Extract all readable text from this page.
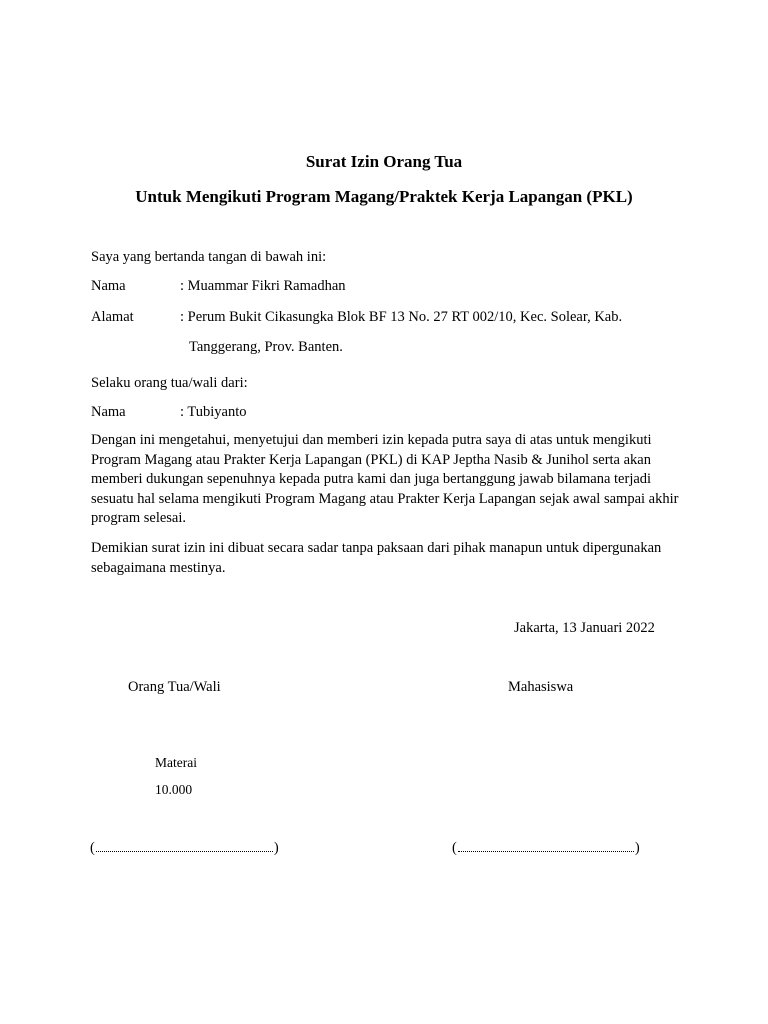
Surat Izin Orang Tua
Untuk Mengikuti Program Magang/Praktek Kerja Lapangan (PKL)
Saya yang bertanda tangan di bawah ini:
Nama	: Muammar Fikri Ramadhan
Alamat	: Perum Bukit Cikasungka Blok BF 13 No. 27 RT 002/10, Kec. Solear, Kab.
Tanggerang, Prov. Banten.
Selaku orang tua/wali dari:
Nama	: Tubiyanto
Dengan ini mengetahui, menyetujui dan memberi izin kepada putra saya di atas untuk mengikuti Program Magang atau Prakter Kerja Lapangan (PKL) di KAP Jeptha Nasib & Junihol serta akan memberi dukungan sepenuhnya kepada putra kami dan juga bertanggung jawab bilamana terjadi sesuatu hal selama mengikuti Program Magang atau Prakter Kerja Lapangan sejak awal sampai akhir program selesai.
Demikian surat izin ini dibuat secara sadar tanpa paksaan dari pihak manapun untuk dipergunakan sebagaimana mestinya.
Jakarta, 13 Januari 2022
Orang Tua/Wali	Mahasiswa
Materai
10.000
(	)	(	)
